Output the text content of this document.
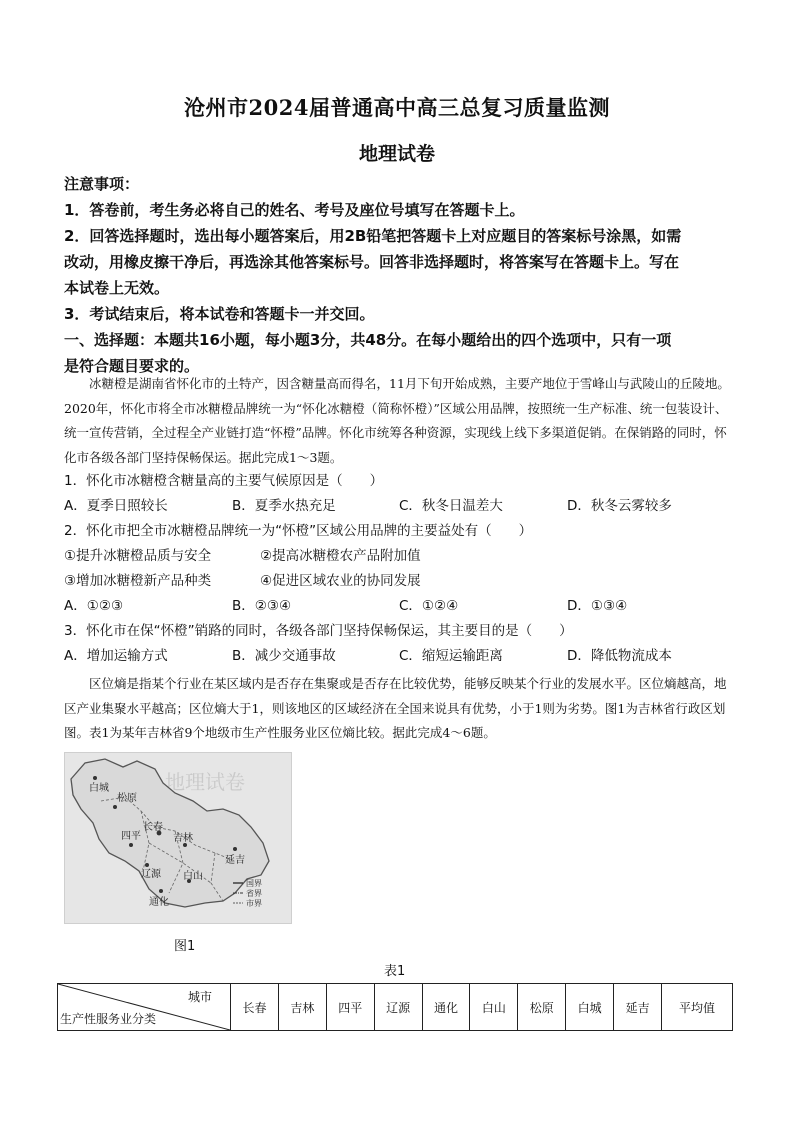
沧州市2024届普通高中高三总复习质量监测
地理试卷
注意事项：
1．答卷前，考生务必将自己的姓名、考号及座位号填写在答题卡上。
2．回答选择题时，选出每小题答案后，用2B铅笔把答题卡上对应题目的答案标号涂黑，如需
改动，用橡皮擦干净后，再选涂其他答案标号。回答非选择题时，将答案写在答题卡上。写在
本试卷上无效。
3．考试结束后，将本试卷和答题卡一并交回。
一、选择题：本题共16小题，每小题3分，共48分。在每小题给出的四个选项中，只有一项
是符合题目要求的。

冰糖橙是湖南省怀化市的土特产，因含糖量高而得名，11月下旬开始成熟，主要产地位于雪峰山与武陵山的丘陵地。2020年，怀化市将全市冰糖橙品牌统一为“怀化冰糖橙（简称怀橙）”区域公用品牌，按照统一生产标准、统一包装设计、统一宣传营销，全过程全产业链打造“怀橙”品牌。怀化市统筹各种资源，实现线上线下多渠道促销。在保销路的同时，怀化市各级各部门坚持保畅保运。据此完成1～3题。

1．怀化市冰糖橙含糖量高的主要气候原因是（　　）
A．夏季日照较长	B．夏季水热充足	C．秋冬日温差大	D．秋冬云雾较多
2．怀化市把全市冰糖橙品牌统一为“怀橙”区域公用品牌的主要益处有（　　）
①提升冰糖橙品质与安全	②提高冰糖橙农产品附加值
③增加冰糖橙新产品种类	④促进区域农业的协同发展
A．①②③	B．②③④	C．①②④	D．①③④
3．怀化市在保“怀橙”销路的同时，各级各部门坚持保畅保运，其主要目的是（　　）
A．增加运输方式	B．减少交通事故	C．缩短运输距离	D．降低物流成本

区位熵是指某个行业在某区域内是否存在集聚或是否存在比较优势，能够反映某个行业的发展水平。区位熵越高，地区产业集聚水平越高；区位熵大于1，则该地区的区域经济在全国来说具有优势，小于1则为劣势。图1为吉林省行政区划图。表1为某年吉林省9个地级市生产性服务业区位熵比较。据此完成4～6题。

地理试卷
白城
松原
长春
吉林
四平
辽源
延吉
白山
通化
国界
省界
市界
图1
表1
城市
生产性服务业分类
	长春	吉林	四平	辽源	通化	白山	松原	白城	延吉	平均值
